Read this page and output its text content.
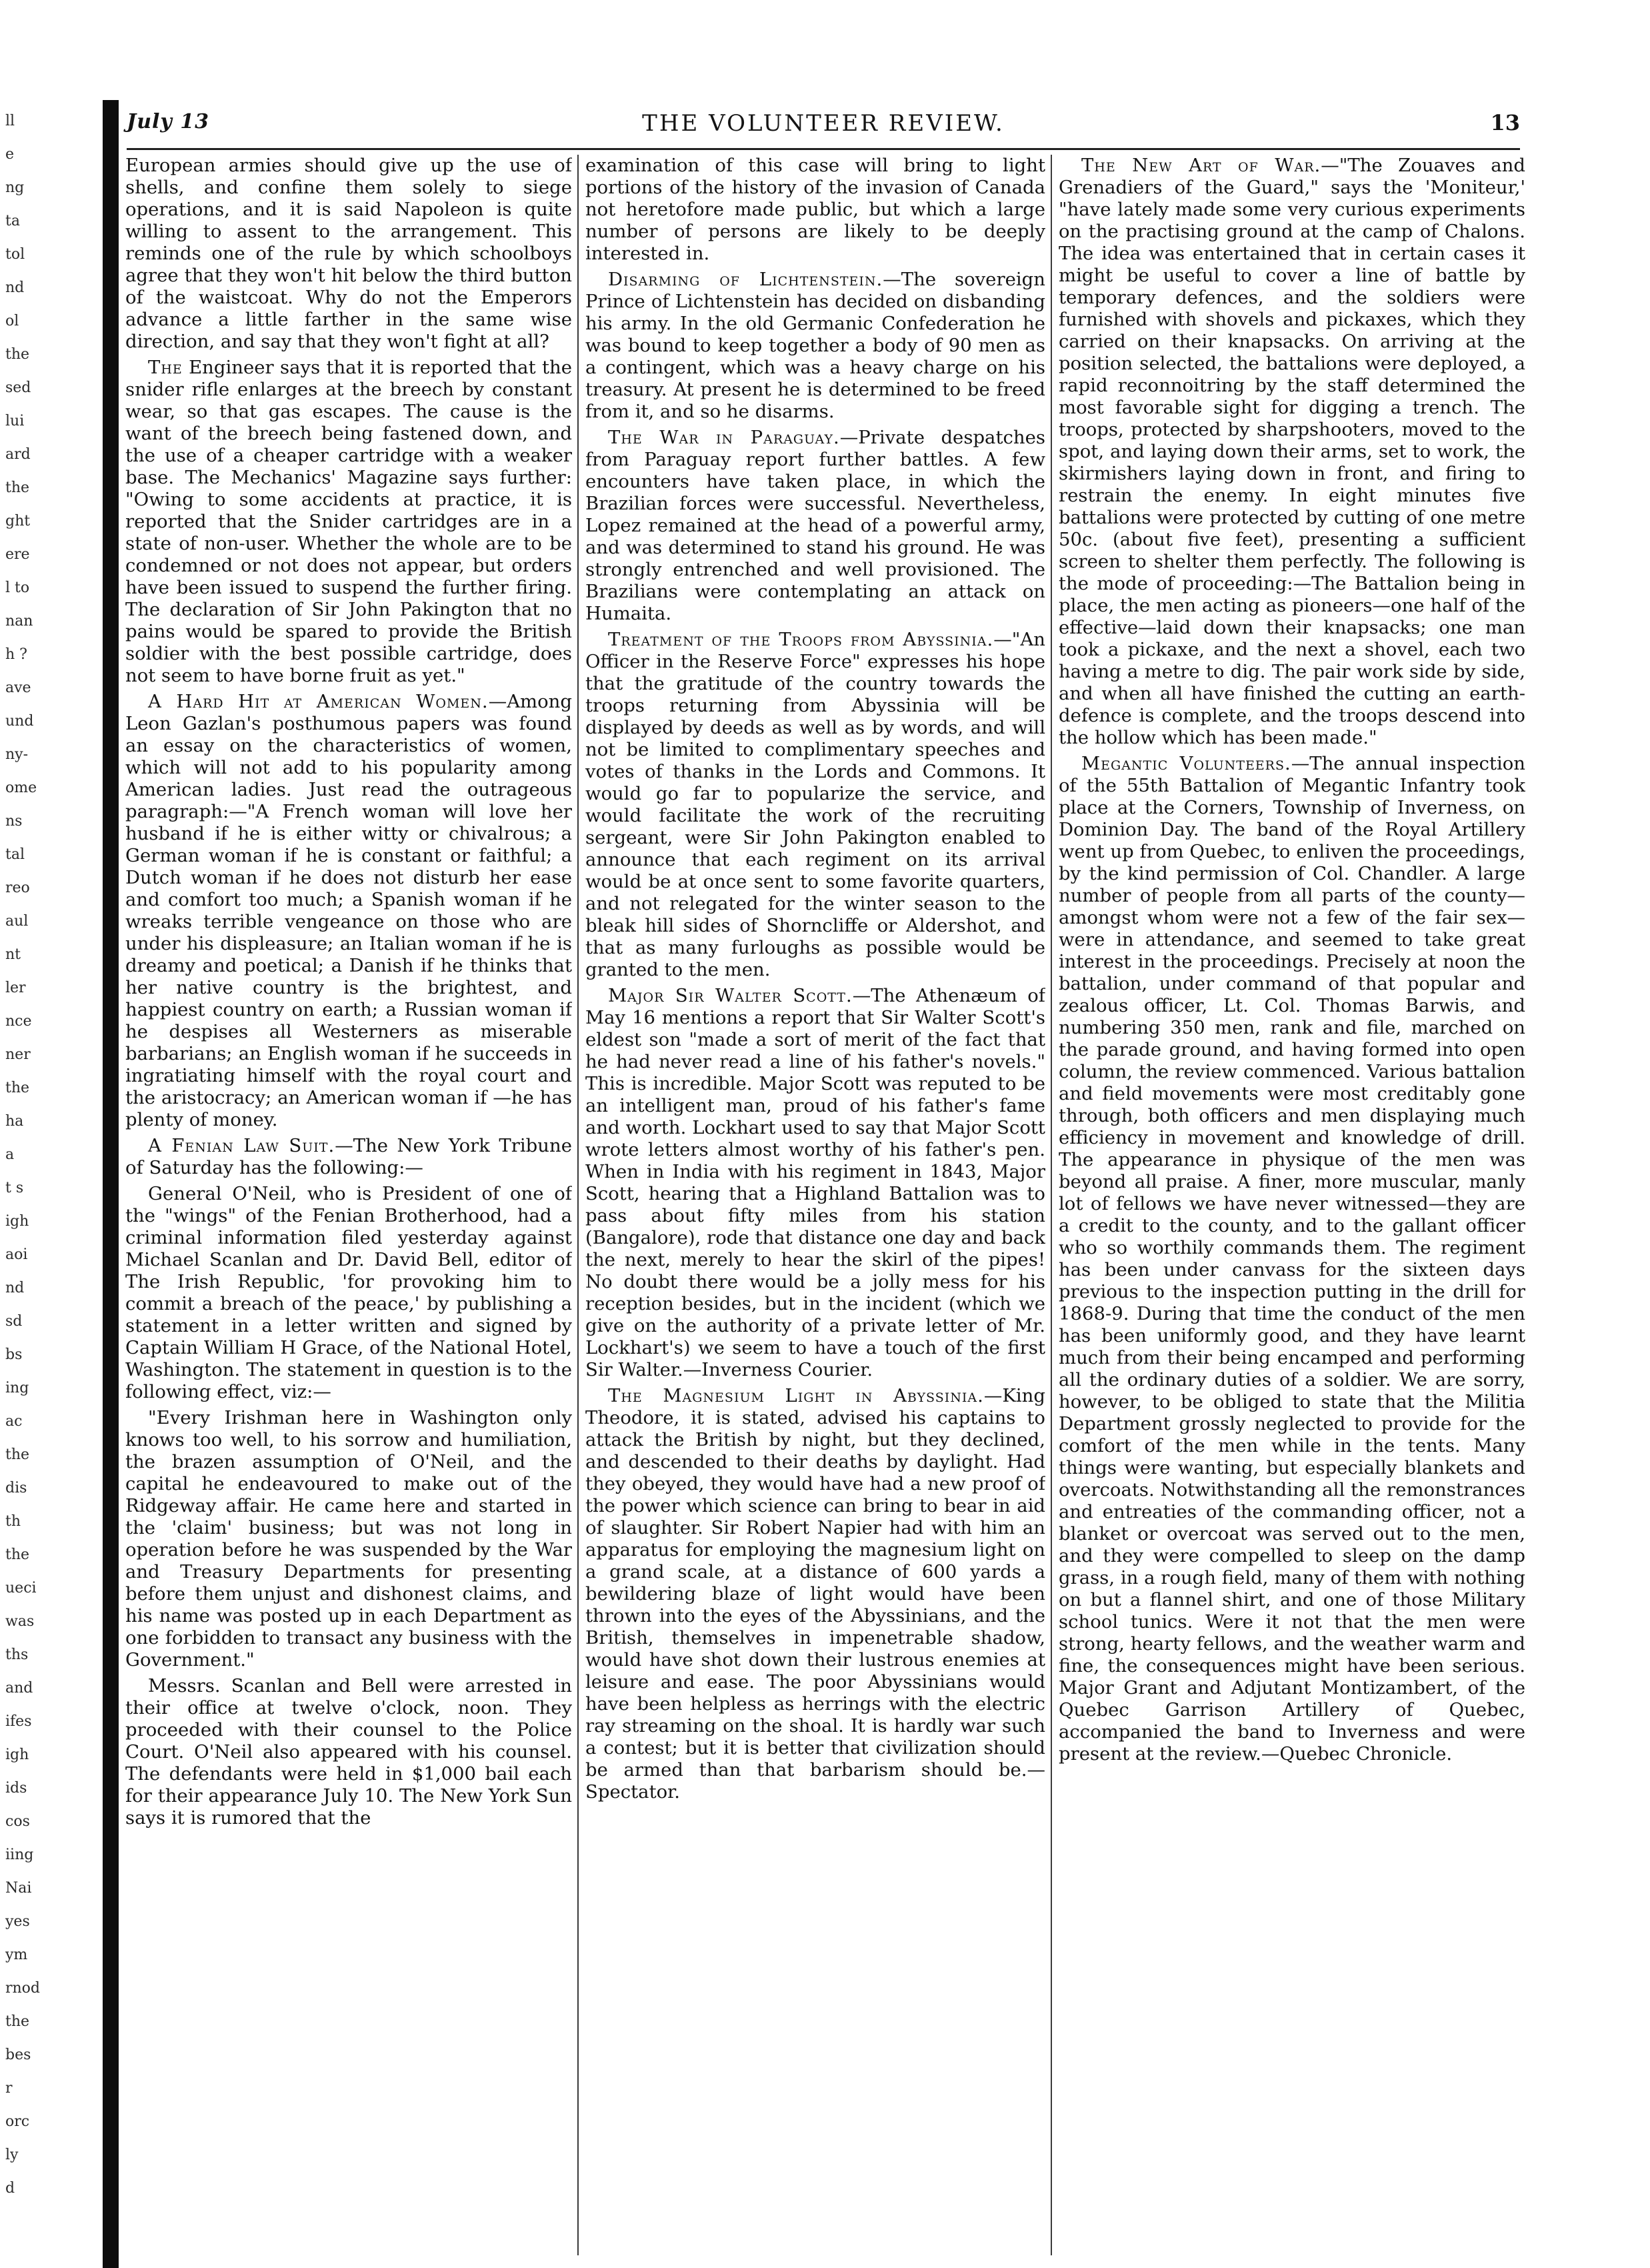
ll
e
ng
ta
tol
nd
ol
the
sed
lui
ard
the
ght
ere
l to
nan
h ?
ave
und
ny-
ome
ns
tal
reo
aul
nt
ler
nce
ner
the
ha
a
t s
igh
aoi
nd
sd
bs
ing
ac
the
dis
th
the
ueci
was
ths
and
ifes
igh
ids
cos
iing
Nai
yes
ym
rnod
the
bes
r
orc
ly
d
July 13	THE VOLUNTEER REVIEW.	13

European armies should give up the use of shells, and confine them solely to siege operations, and it is said Napoleon is quite willing to assent to the arrangement. This reminds one of the rule by which schoolboys agree that they won't hit below the third button of the waistcoat. Why do not the Emperors advance a little farther in the same wise direction, and say that they won't fight at all?

The Engineer says that it is reported that the snider rifle enlarges at the breech by constant wear, so that gas escapes. The cause is the want of the breech being fastened down, and the use of a cheaper cartridge with a weaker base. The Mechanics' Magazine says further: "Owing to some accidents at practice, it is reported that the Snider cartridges are in a state of non-user. Whether the whole are to be condemned or not does not appear, but orders have been issued to suspend the further firing. The declaration of Sir John Pakington that no pains would be spared to provide the British soldier with the best possible cartridge, does not seem to have borne fruit as yet."

A Hard Hit at American Women.—Among Leon Gazlan's posthumous papers was found an essay on the characteristics of women, which will not add to his popularity among American ladies. Just read the outrageous paragraph:—"A French woman will love her husband if he is either witty or chivalrous; a German woman if he is constant or faithful; a Dutch woman if he does not disturb her ease and comfort too much; a Spanish woman if he wreaks terrible vengeance on those who are under his displeasure; an Italian woman if he is dreamy and poetical; a Danish if he thinks that her native country is the brightest, and happiest country on earth; a Russian woman if he despises all Westerners as miserable barbarians; an English woman if he succeeds in ingratiating himself with the royal court and the aristocracy; an American woman if —he has plenty of money.

A Fenian Law Suit.—The New York Tribune of Saturday has the following:—

General O'Neil, who is President of one of the "wings" of the Fenian Brotherhood, had a criminal information filed yesterday against Michael Scanlan and Dr. David Bell, editor of The Irish Republic, 'for provoking him to commit a breach of the peace,' by publishing a statement in a letter written and signed by Captain William H Grace, of the National Hotel, Washington. The statement in question is to the following effect, viz:—

"Every Irishman here in Washington only knows too well, to his sorrow and humiliation, the brazen assumption of O'Neil, and the capital he endeavoured to make out of the Ridgeway affair. He came here and started in the 'claim' business; but was not long in operation before he was suspended by the War and Treasury Departments for presenting before them unjust and dishonest claims, and his name was posted up in each Department as one forbidden to transact any business with the Government."

Messrs. Scanlan and Bell were arrested in their office at twelve o'clock, noon. They proceeded with their counsel to the Police Court. O'Neil also appeared with his counsel. The defendants were held in $1,000 bail each for their appearance July 10. The New York Sun says it is rumored that the

examination of this case will bring to light portions of the history of the invasion of Canada not heretofore made public, but which a large number of persons are likely to be deeply interested in.

Disarming of Lichtenstein.—The sovereign Prince of Lichtenstein has decided on disbanding his army. In the old Germanic Confederation he was bound to keep together a body of 90 men as a contingent, which was a heavy charge on his treasury. At present he is determined to be freed from it, and so he disarms.

The War in Paraguay.—Private despatches from Paraguay report further battles. A few encounters have taken place, in which the Brazilian forces were successful. Nevertheless, Lopez remained at the head of a powerful army, and was determined to stand his ground. He was strongly entrenched and well provisioned. The Brazilians were contemplating an attack on Humaita.

Treatment of the Troops from Abyssinia.—"An Officer in the Reserve Force" expresses his hope that the gratitude of the country towards the troops returning from Abyssinia will be displayed by deeds as well as by words, and will not be limited to complimentary speeches and votes of thanks in the Lords and Commons. It would go far to popularize the service, and would facilitate the work of the recruiting sergeant, were Sir John Pakington enabled to announce that each regiment on its arrival would be at once sent to some favorite quarters, and not relegated for the winter season to the bleak hill sides of Shorncliffe or Aldershot, and that as many furloughs as possible would be granted to the men.

Major Sir Walter Scott.—The Athenæum of May 16 mentions a report that Sir Walter Scott's eldest son "made a sort of merit of the fact that he had never read a line of his father's novels." This is incredible. Major Scott was reputed to be an intelligent man, proud of his father's fame and worth. Lockhart used to say that Major Scott wrote letters almost worthy of his father's pen. When in India with his regiment in 1843, Major Scott, hearing that a Highland Battalion was to pass about fifty miles from his station (Bangalore), rode that distance one day and back the next, merely to hear the skirl of the pipes! No doubt there would be a jolly mess for his reception besides, but in the incident (which we give on the authority of a private letter of Mr. Lockhart's) we seem to have a touch of the first Sir Walter.—Inverness Courier.

The Magnesium Light in Abyssinia.—King Theodore, it is stated, advised his captains to attack the British by night, but they declined, and descended to their deaths by daylight. Had they obeyed, they would have had a new proof of the power which science can bring to bear in aid of slaughter. Sir Robert Napier had with him an apparatus for employing the magnesium light on a grand scale, at a distance of 600 yards a bewildering blaze of light would have been thrown into the eyes of the Abyssinians, and the British, themselves in impenetrable shadow, would have shot down their lustrous enemies at leisure and ease. The poor Abyssinians would have been helpless as herrings with the electric ray streaming on the shoal. It is hardly war such a contest; but it is better that civilization should be armed than that barbarism should be.—Spectator.

The New Art of War.—"The Zouaves and Grenadiers of the Guard," says the 'Moniteur,' "have lately made some very curious experiments on the practising ground at the camp of Chalons. The idea was entertained that in certain cases it might be useful to cover a line of battle by temporary defences, and the soldiers were furnished with shovels and pickaxes, which they carried on their knapsacks. On arriving at the position selected, the battalions were deployed, a rapid reconnoitring by the staff determined the most favorable sight for digging a trench. The troops, protected by sharpshooters, moved to the spot, and laying down their arms, set to work, the skirmishers laying down in front, and firing to restrain the enemy. In eight minutes five battalions were protected by cutting of one metre 50c. (about five feet), presenting a sufficient screen to shelter them perfectly. The following is the mode of proceeding:—The Battalion being in place, the men acting as pioneers—one half of the effective—laid down their knapsacks; one man took a pickaxe, and the next a shovel, each two having a metre to dig. The pair work side by side, and when all have finished the cutting an earth-defence is complete, and the troops descend into the hollow which has been made."

Megantic Volunteers.—The annual inspection of the 55th Battalion of Megantic Infantry took place at the Corners, Township of Inverness, on Dominion Day. The band of the Royal Artillery went up from Quebec, to enliven the proceedings, by the kind permission of Col. Chandler. A large number of people from all parts of the county—amongst whom were not a few of the fair sex—were in attendance, and seemed to take great interest in the proceedings. Precisely at noon the battalion, under command of that popular and zealous officer, Lt. Col. Thomas Barwis, and numbering 350 men, rank and file, marched on the parade ground, and having formed into open column, the review commenced. Various battalion and field movements were most creditably gone through, both officers and men displaying much efficiency in movement and knowledge of drill. The appearance in physique of the men was beyond all praise. A finer, more muscular, manly lot of fellows we have never witnessed—they are a credit to the county, and to the gallant officer who so worthily commands them. The regiment has been under canvass for the sixteen days previous to the inspection putting in the drill for 1868-9. During that time the conduct of the men has been uniformly good, and they have learnt much from their being encamped and performing all the ordinary duties of a soldier. We are sorry, however, to be obliged to state that the Militia Department grossly neglected to provide for the comfort of the men while in the tents. Many things were wanting, but especially blankets and overcoats. Notwithstanding all the remonstrances and entreaties of the commanding officer, not a blanket or overcoat was served out to the men, and they were compelled to sleep on the damp grass, in a rough field, many of them with nothing on but a flannel shirt, and one of those Military school tunics. Were it not that the men were strong, hearty fellows, and the weather warm and fine, the consequences might have been serious. Major Grant and Adjutant Montizambert, of the Quebec Garrison Artillery of Quebec, accompanied the band to Inverness and were present at the review.—Quebec Chronicle.
